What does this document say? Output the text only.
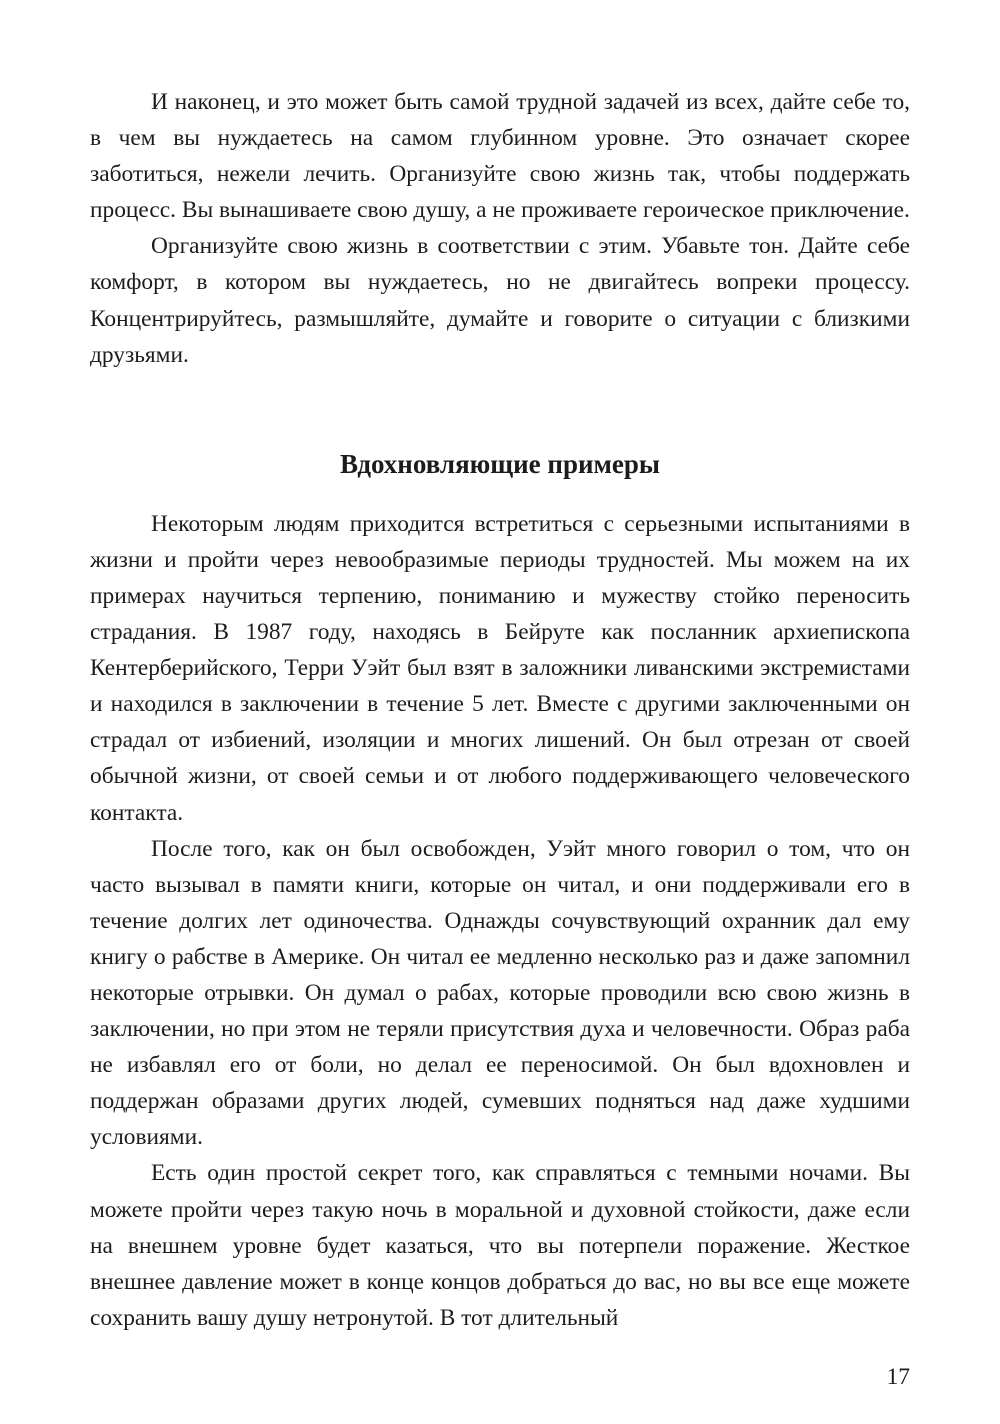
И наконец, и это может быть самой трудной задачей из всех, дайте себе то, в чем вы нуждаетесь на самом глубинном уровне. Это означает скорее заботиться, нежели лечить. Организуйте свою жизнь так, чтобы поддержать процесс. Вы вынашиваете свою душу, а не проживаете героическое приключение.

Организуйте свою жизнь в соответствии с этим. Убавьте тон. Дайте себе комфорт, в котором вы нуждаетесь, но не двигайтесь вопреки процессу. Концентрируйтесь, размышляйте, думайте и говорите о ситуации с близкими друзьями.

Вдохновляющие примеры

Некоторым людям приходится встретиться с серьезными испытаниями в жизни и пройти через невообразимые периоды трудностей. Мы можем на их примерах научиться терпению, пониманию и мужеству стойко переносить страдания. В 1987 году, находясь в Бейруте как посланник архиепископа Кентерберийского, Терри Уэйт был взят в заложники ливанскими экстремистами и находился в заключении в течение 5 лет. Вместе с другими заключенными он страдал от избиений, изоляции и многих лишений. Он был отрезан от своей обычной жизни, от своей семьи и от любого поддерживающего человеческого контакта.

После того, как он был освобожден, Уэйт много говорил о том, что он часто вызывал в памяти книги, которые он читал, и они поддерживали его в течение долгих лет одиночества. Однажды сочувствующий охранник дал ему книгу о рабстве в Америке. Он читал ее медленно несколько раз и даже запомнил некоторые отрывки. Он думал о рабах, которые проводили всю свою жизнь в заключении, но при этом не теряли присутствия духа и человечности. Образ раба не избавлял его от боли, но делал ее переносимой. Он был вдохновлен и поддержан образами других людей, сумевших подняться над даже худшими условиями.

Есть один простой секрет того, как справляться с темными ночами. Вы можете пройти через такую ночь в моральной и духовной стойкости, даже если на внешнем уровне будет казаться, что вы потерпели поражение. Жесткое внешнее давление может в конце концов добраться до вас, но вы все еще можете сохранить вашу душу нетронутой. В тот длительный

17
